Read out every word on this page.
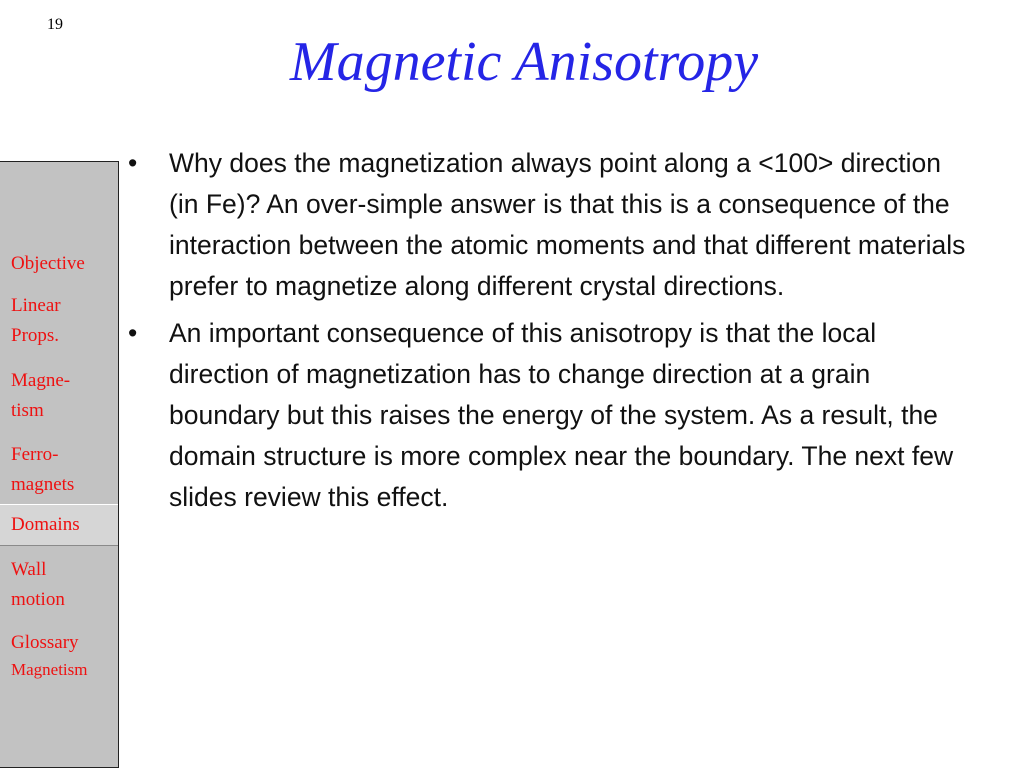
19
Magnetic Anisotropy
Objective
Linear
Props.
Magne-
tism
Ferro-
magnets
Domains
Wall
motion
Glossary
Magnetism
•	Why does the magnetization always point along a <100> direction (in Fe)? An over-simple answer is that this is a consequence of the interaction between the atomic moments and that different materials prefer to magnetize along different crystal directions.
•	An important consequence of this anisotropy is that the local direction of magnetization has to change direction at a grain boundary but this raises the energy of the system. As a result, the domain structure is more complex near the boundary. The next few slides review this effect.
